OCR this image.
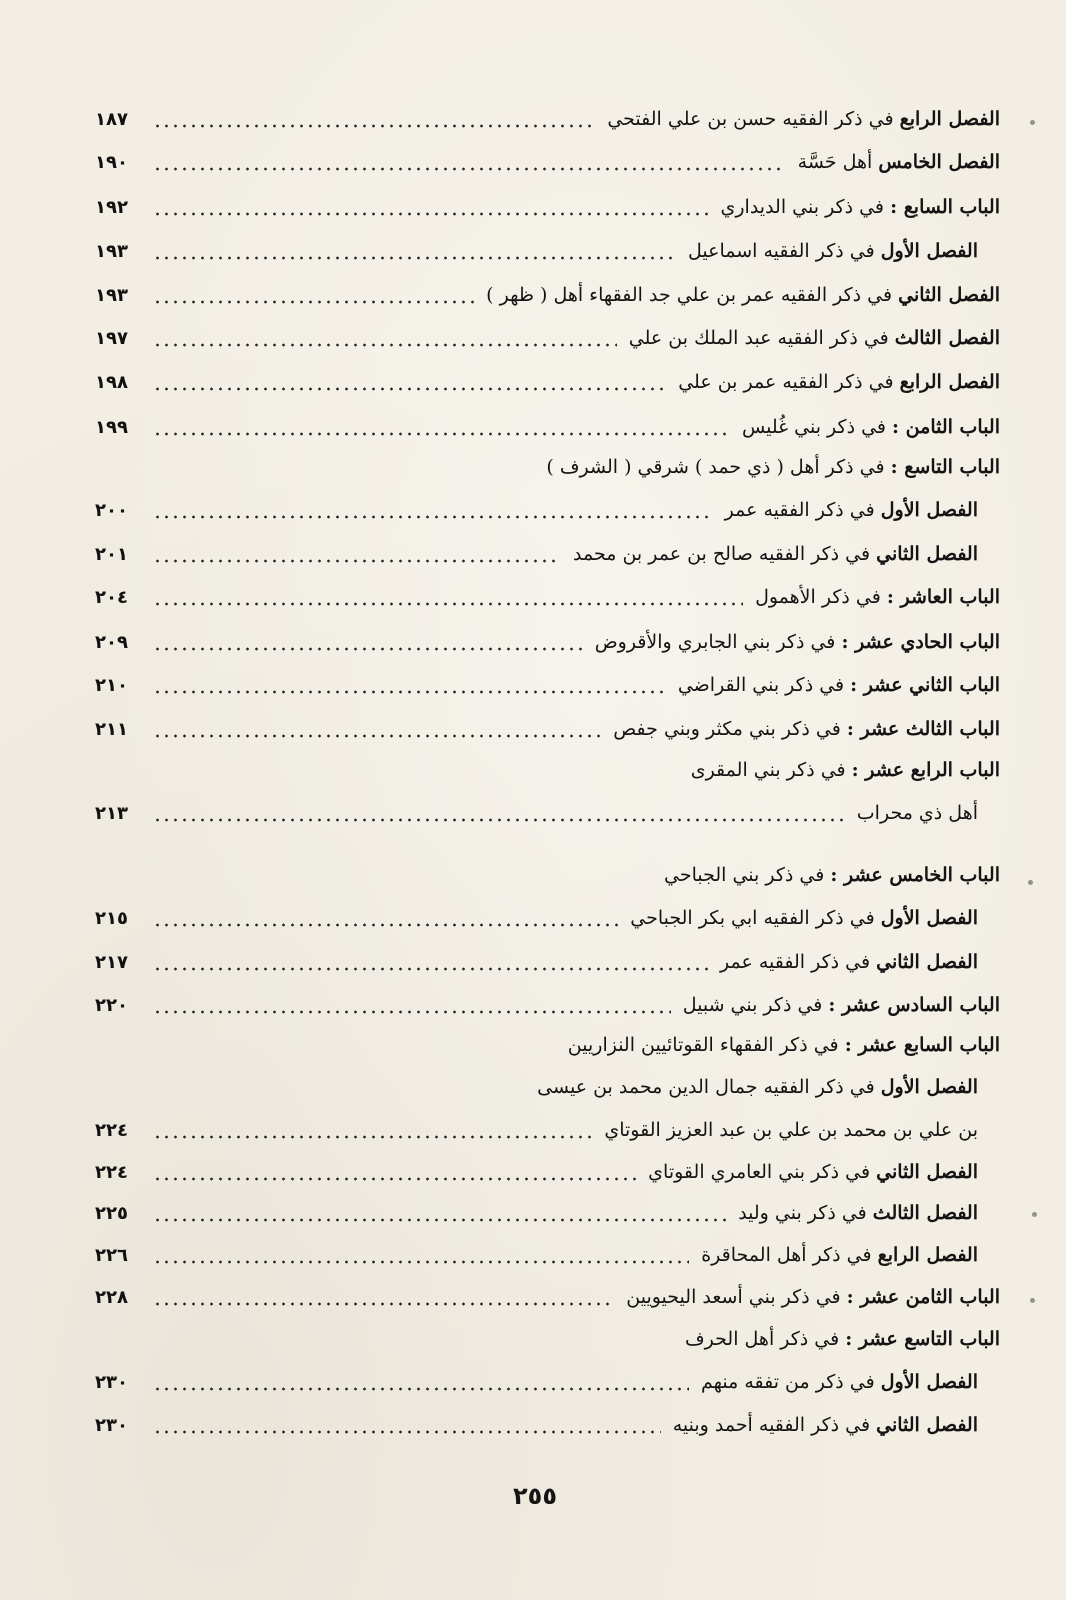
الفصل الرابع في ذكر الفقيه حسن بن علي الفتحي
١٨٧
الفصل الخامس أهل حَسَّة
١٩٠
الباب السابع : في ذكر بني الديداري
١٩٢
الفصل الأول في ذكر الفقيه اسماعيل
١٩٣
الفصل الثاني في ذكر الفقيه عمر بن علي جد الفقهاء أهل ( ظهر )
١٩٣
الفصل الثالث في ذكر الفقيه عبد الملك بن علي
١٩٧
الفصل الرابع في ذكر الفقيه عمر بن علي
١٩٨
الباب الثامن : في ذكر بني غُليس
١٩٩
الباب التاسع : في ذكر أهل ( ذي حمد ) شرقي ( الشرف )
الفصل الأول في ذكر الفقيه عمر
٢٠٠
الفصل الثاني في ذكر الفقيه صالح بن عمر بن محمد
٢٠١
الباب العاشر : في ذكر الأهمول
٢٠٤
الباب الحادي عشر : في ذكر بني الجابري والأقروض
٢٠٩
الباب الثاني عشر : في ذكر بني القراضي
٢١٠
الباب الثالث عشر : في ذكر بني مكثر وبني جفص
٢١١
الباب الرابع عشر : في ذكر بني المقرى
أهل ذي محراب
٢١٣
الباب الخامس عشر : في ذكر بني الجباحي
الفصل الأول في ذكر الفقيه ابي بكر الجباحي
٢١٥
الفصل الثاني في ذكر الفقيه عمر
٢١٧
الباب السادس عشر : في ذكر بني شبيل
٢٢٠
الباب السابع عشر : في ذكر الفقهاء القوتائيين النزاريين
الفصل الأول في ذكر الفقيه جمال الدين محمد بن عيسى
بن علي بن محمد بن علي بن عبد العزيز القوتاي
٢٢٤
الفصل الثاني في ذكر بني العامري القوتاي
٢٢٤
الفصل الثالث في ذكر بني وليد
٢٢٥
الفصل الرابع في ذكر أهل المحاقرة
٢٢٦
الباب الثامن عشر : في ذكر بني أسعد اليحيويين
٢٢٨
الباب التاسع عشر : في ذكر أهل الحرف
الفصل الأول في ذكر من تفقه منهم
٢٣٠
الفصل الثاني في ذكر الفقيه أحمد وبنيه
٢٣٠
٢٥٥
